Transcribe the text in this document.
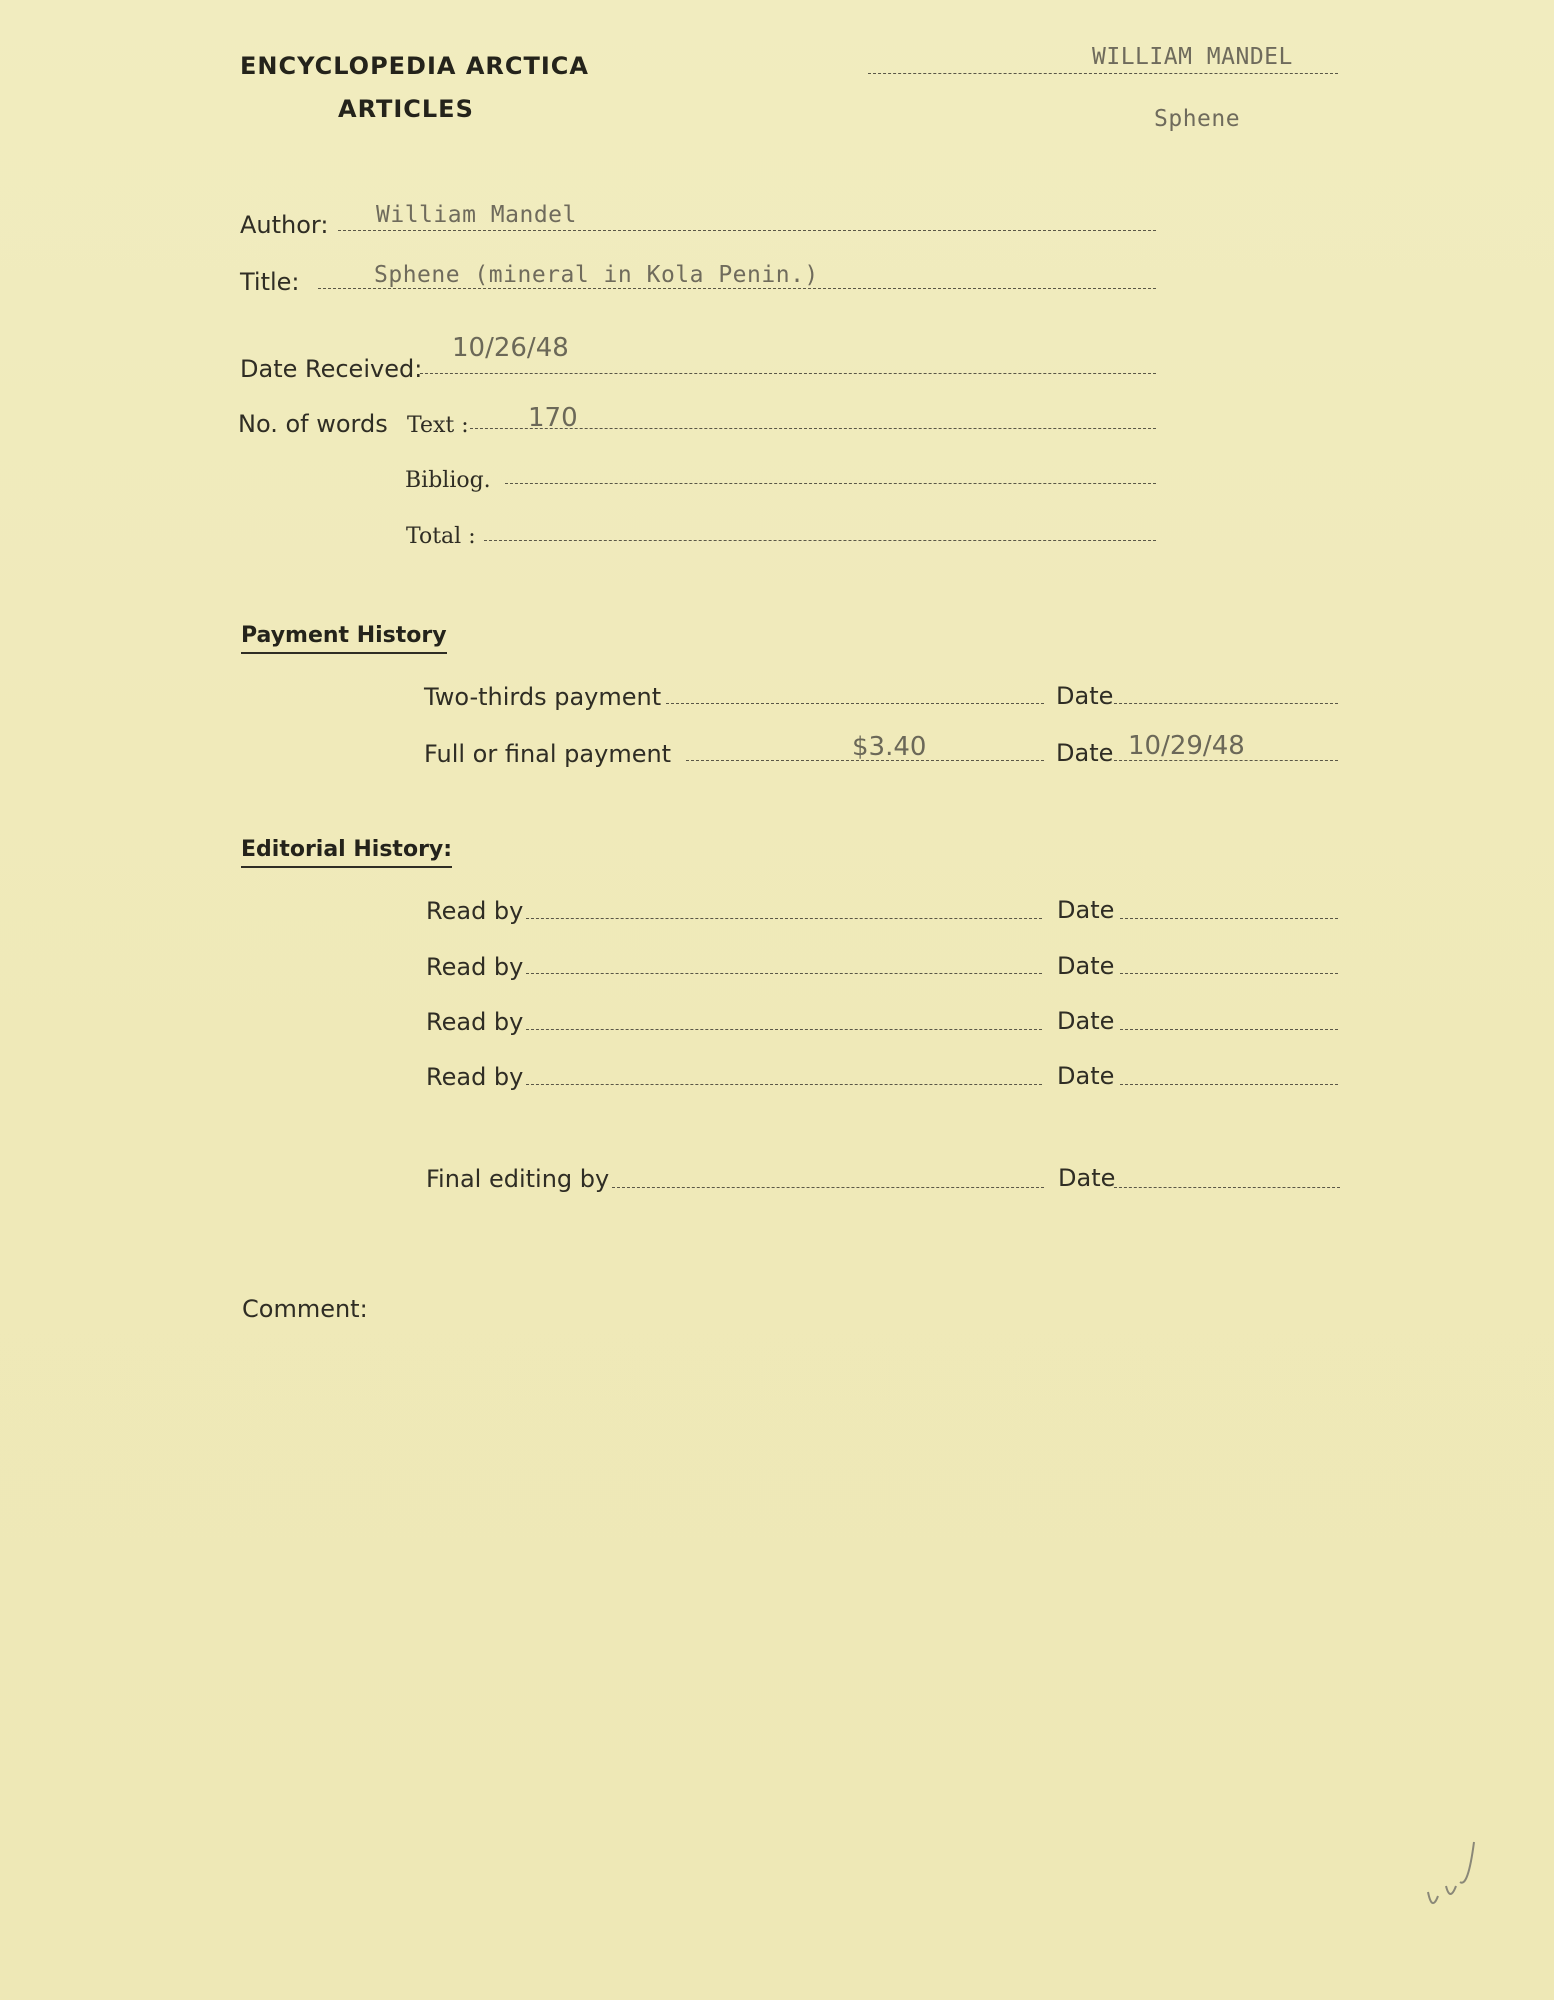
ENCYCLOPEDIA ARCTICA
ARTICLES
WILLIAM MANDEL
Sphene
Author: William Mandel
Title:	Sphene (mineral in Kola Penin.)
Date Received:
10/26/48
No. of words Text : 170
Bibliog.
Total :
Payment History
Two-thirds payment	Date
Full or final payment	$3.40	Date 10/29/48
Editorial History:
Read by	Date
Read by	Date
Read by	Date
Read by	Date
Final editing by	Date
Comment:
